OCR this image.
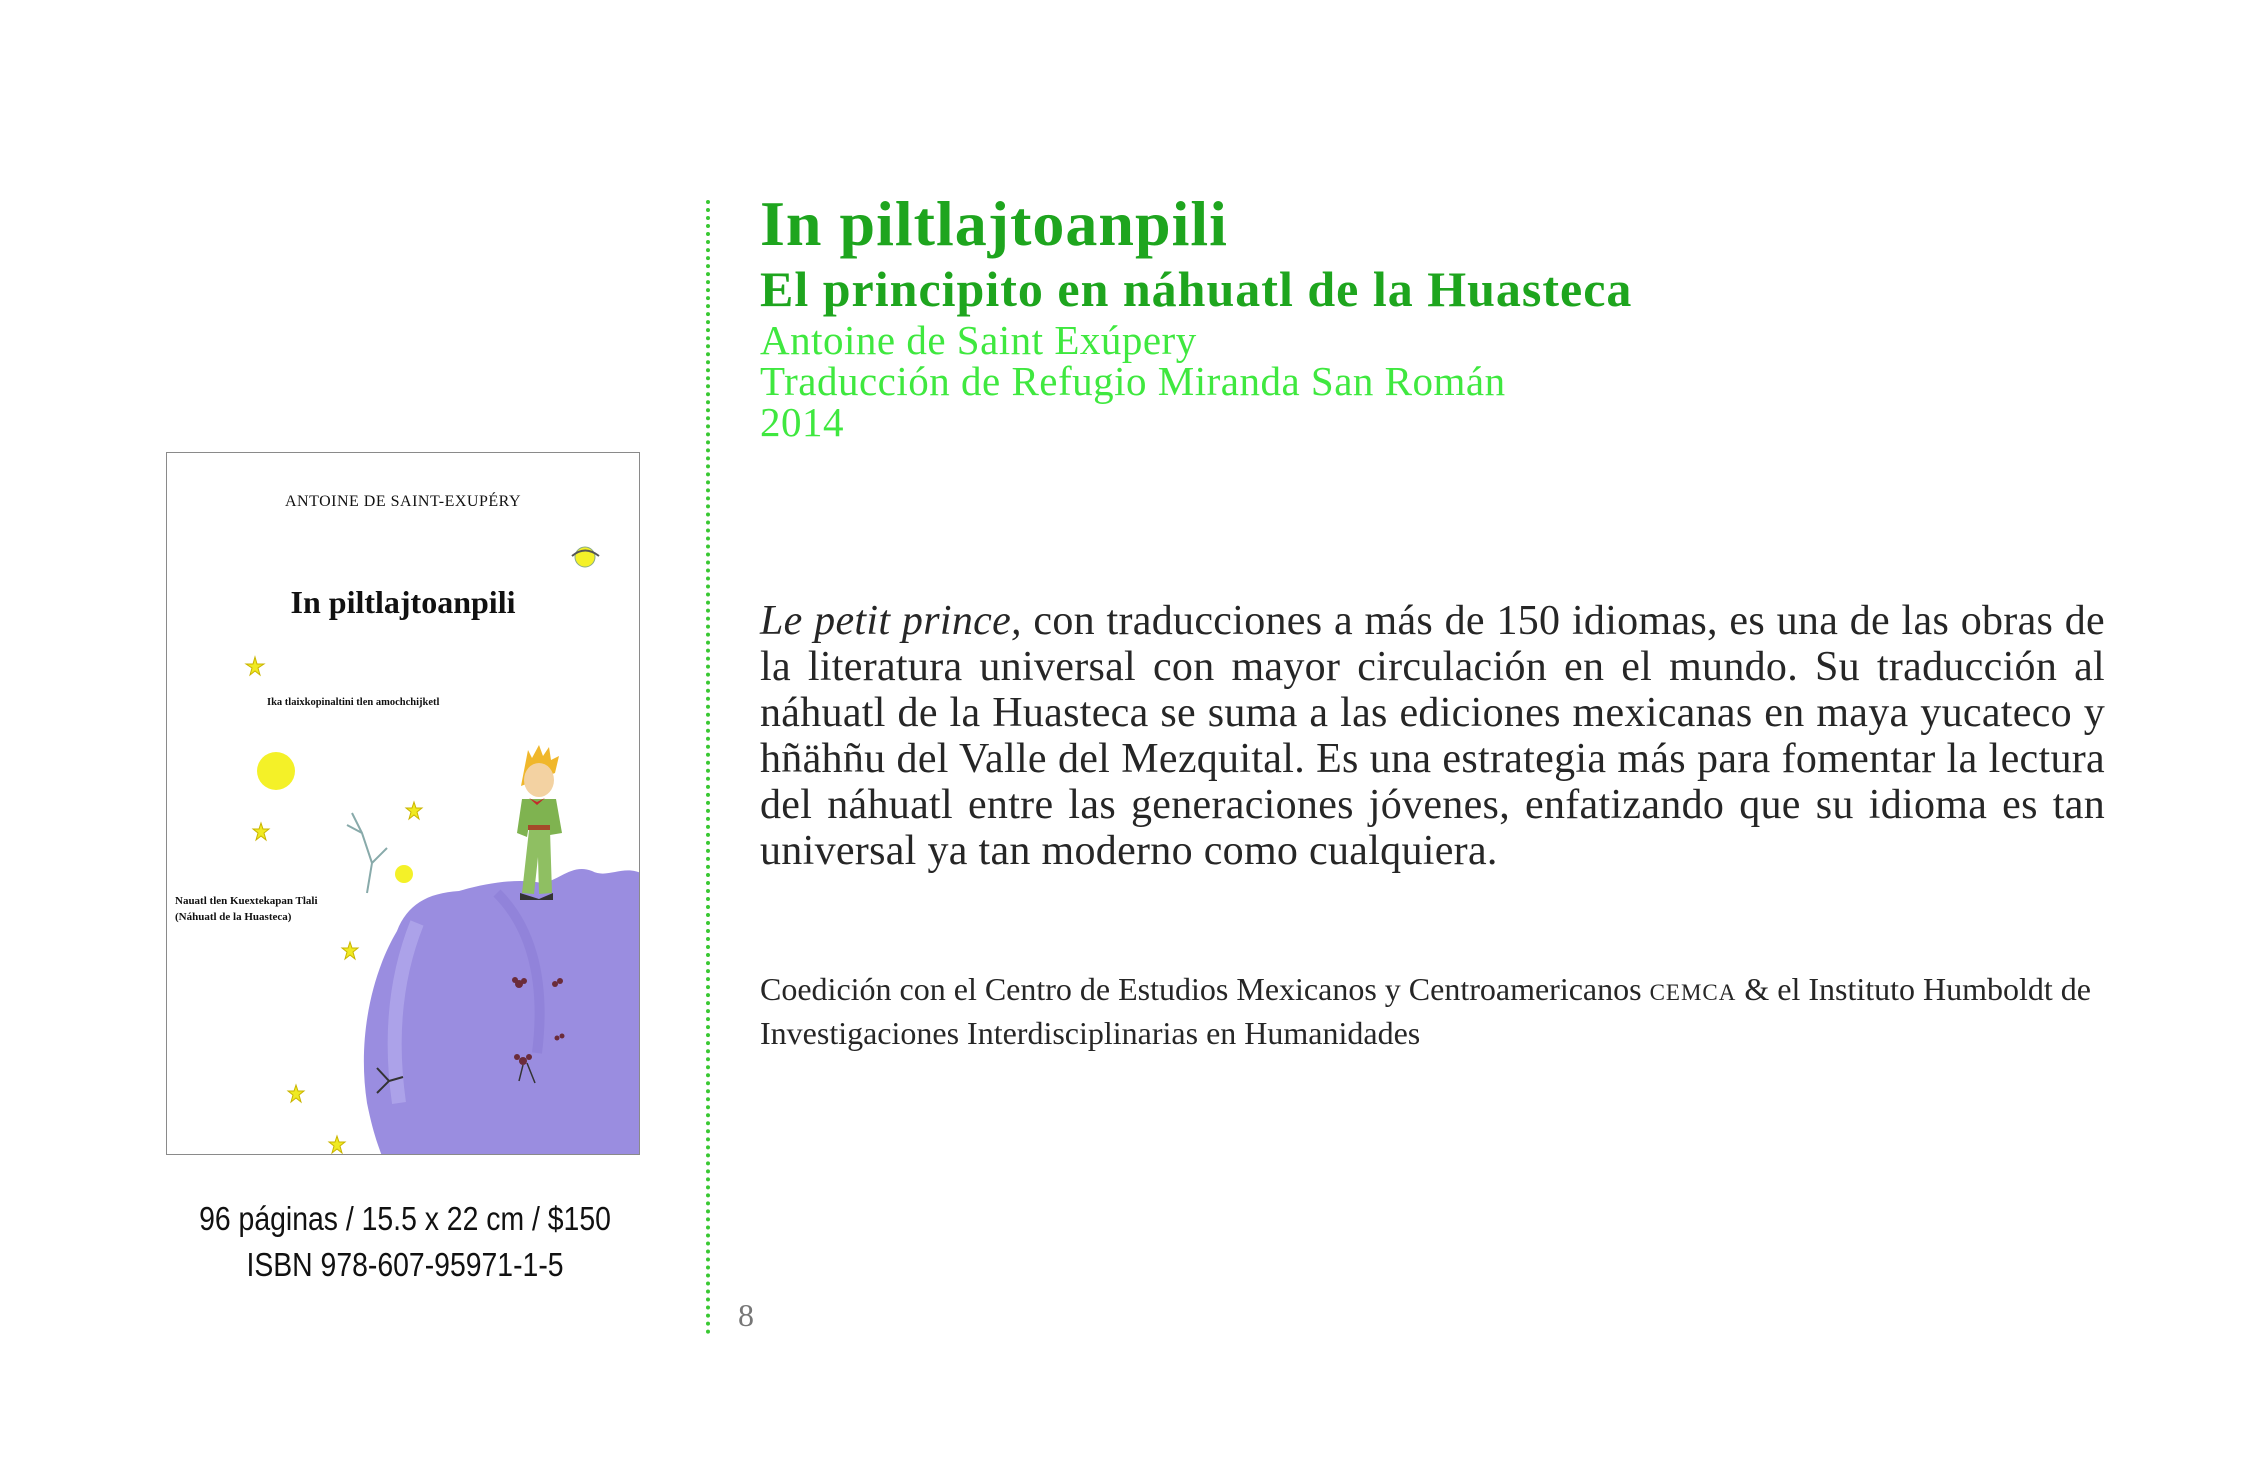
In piltlajtoanpili
El principito en náhuatl de la Huasteca
Antoine de Saint Exúpery
Traducción de Refugio Miranda San Román
2014

Le petit prince, con traducciones a más de 150 idiomas, es una de las obras de la literatura universal con mayor circulación en el mundo. Su traducción al náhuatl de la Huasteca se suma a las ediciones mexicanas en maya yucateco y hñähñu del Valle del Mezquital. Es una estrategia más para fomentar la lectura del náhuatl entre las generaciones jóvenes, enfatizando que su idioma es tan universal ya tan moderno como cualquiera.

Coedición con el Centro de Estudios Mexicanos y Centroamericanos CEMCA & el Instituto Humboldt de Investigaciones Interdisciplinarias en Humanidades

ANTOINE DE SAINT-EXUPÉRY
In piltlajtoanpili
Ika tlaixkopinaltini tlen amochchijketl
Nauatl tlen Kuextekapan Tlali
(Náhuatl de la Huasteca)
96 páginas / 15.5 x 22 cm / $150
ISBN 978-607-95971-1-5
8
